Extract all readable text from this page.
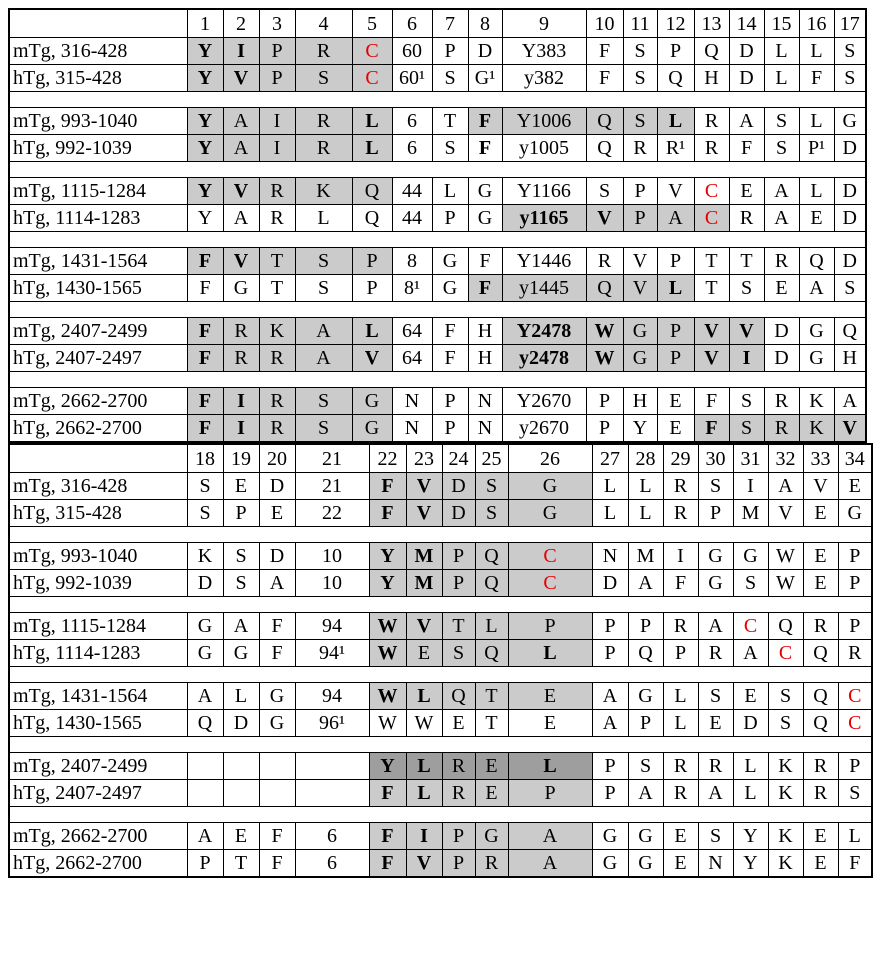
	1	2	3	4	5	6	7	8	9	10	11	12	13	14	15	16	17
mTg, 316-428	Y	I	P	R	C	60	P	D	Y383	F	S	P	Q	D	L	L	S
hTg, 315-428	Y	V	P	S	C	60¹	S	G¹	y382	F	S	Q	H	D	L	F	S

mTg, 993-1040	Y	A	I	R	L	6	T	F	Y1006	Q	S	L	R	A	S	L	G
hTg, 992-1039	Y	A	I	R	L	6	S	F	y1005	Q	R	R¹	R	F	S	P¹	D

mTg, 1115-1284	Y	V	R	K	Q	44	L	G	Y1166	S	P	V	C	E	A	L	D
hTg, 1114-1283	Y	A	R	L	Q	44	P	G	y1165	V	P	A	C	R	A	E	D

mTg, 1431-1564	F	V	T	S	P	8	G	F	Y1446	R	V	P	T	T	R	Q	D
hTg, 1430-1565	F	G	T	S	P	8¹	G	F	y1445	Q	V	L	T	S	E	A	S

mTg, 2407-2499	F	R	K	A	L	64	F	H	Y2478	W	G	P	V	V	D	G	Q
hTg, 2407-2497	F	R	R	A	V	64	F	H	y2478	W	G	P	V	I	D	G	H

mTg, 2662-2700	F	I	R	S	G	N	P	N	Y2670	P	H	E	F	S	R	K	A
hTg, 2662-2700	F	I	R	S	G	N	P	N	y2670	P	Y	E	F	S	R	K	V
	18	19	20	21	22	23	24	25	26	27	28	29	30	31	32	33	34
mTg, 316-428	S	E	D	21	F	V	D	S	G	L	L	R	S	I	A	V	E
hTg, 315-428	S	P	E	22	F	V	D	S	G	L	L	R	P	M	V	E	G

mTg, 993-1040	K	S	D	10	Y	M	P	Q	C	N	M	I	G	G	W	E	P
hTg, 992-1039	D	S	A	10	Y	M	P	Q	C	D	A	F	G	S	W	E	P

mTg, 1115-1284	G	A	F	94	W	V	T	L	P	P	P	R	A	C	Q	R	P
hTg, 1114-1283	G	G	F	94¹	W	E	S	Q	L	P	Q	P	R	A	C	Q	R

mTg, 1431-1564	A	L	G	94	W	L	Q	T	E	A	G	L	S	E	S	Q	C
hTg, 1430-1565	Q	D	G	96¹	W	W	E	T	E	A	P	L	E	D	S	Q	C

mTg, 2407-2499					Y	L	R	E	L	P	S	R	R	L	K	R	P
hTg, 2407-2497					F	L	R	E	P	P	A	R	A	L	K	R	S

mTg, 2662-2700	A	E	F	6	F	I	P	G	A	G	G	E	S	Y	K	E	L
hTg, 2662-2700	P	T	F	6	F	V	P	R	A	G	G	E	N	Y	K	E	F
